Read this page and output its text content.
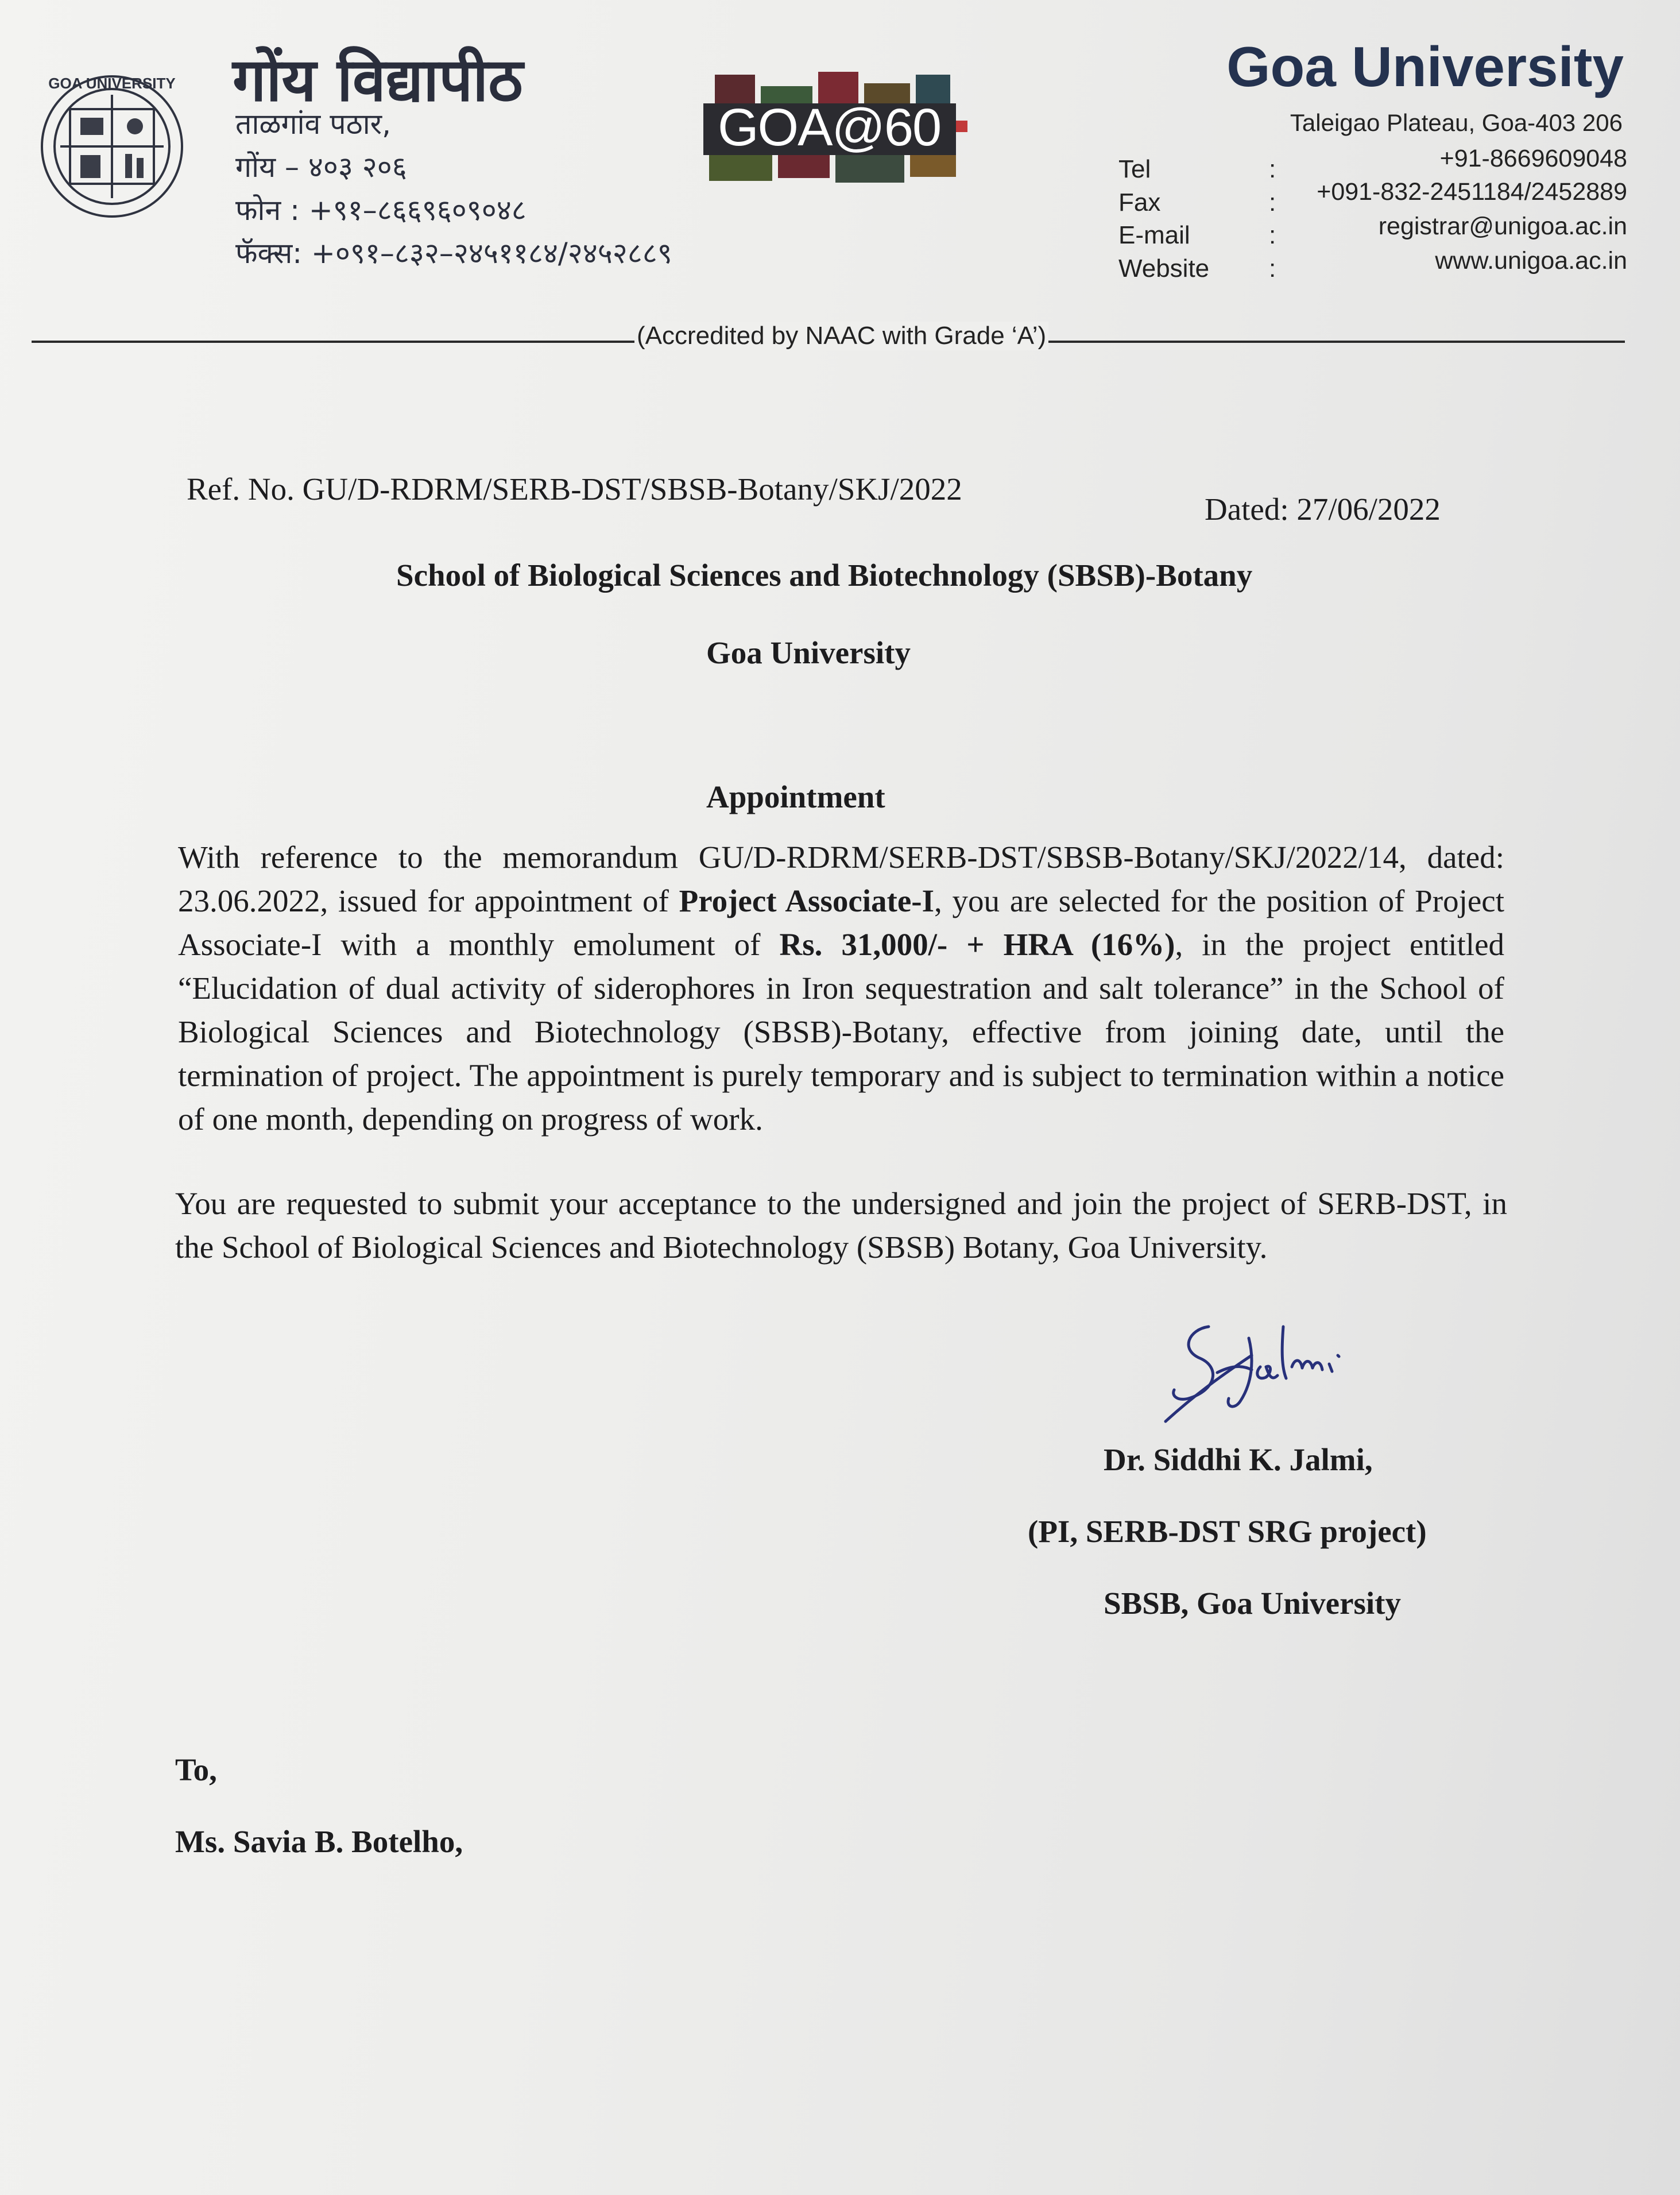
GOA UNIVERSITY गोंय विद्यापीठ
ताळगांव पठार,
गोंय – ४०३ २०६
फोन : +९१–८६६९६०९०४८
फॅक्स: +०९१–८३२–२४५११८४/२४५२८८९
GOA@60
Goa University
Taleigao Plateau, Goa-403 206
Tel
Fax
E-mail
Website
:
:
:
:
+91-8669609048
+091-832-2451184/2452889
registrar@unigoa.ac.in
www.unigoa.ac.in
(Accredited by NAAC with Grade ‘A’)
Ref. No. GU/D-RDRM/SERB-DST/SBSB-Botany/SKJ/2022
Dated: 27/06/2022
School of Biological Sciences and Biotechnology (SBSB)-Botany
Goa University
Appointment
With reference to the memorandum GU/D-RDRM/SERB-DST/SBSB-Botany/SKJ/2022/14, dated: 23.06.2022, issued for appointment of Project Associate-I, you are selected for the position of Project Associate-I with a monthly emolument of Rs. 31,000/- + HRA (16%), in the project entitled “Elucidation of dual activity of siderophores in Iron sequestration and salt tolerance” in the School of Biological Sciences and Biotechnology (SBSB)-Botany, effective from joining date, until the termination of project. The appointment is purely temporary and is subject to termination within a notice of one month, depending on progress of work.
You are requested to submit your acceptance to the undersigned and join the project of SERB-DST, in the School of Biological Sciences and Biotechnology (SBSB) Botany, Goa University.
Dr. Siddhi K. Jalmi,
(PI, SERB-DST SRG project)
SBSB, Goa University
To,
Ms. Savia B. Botelho,
